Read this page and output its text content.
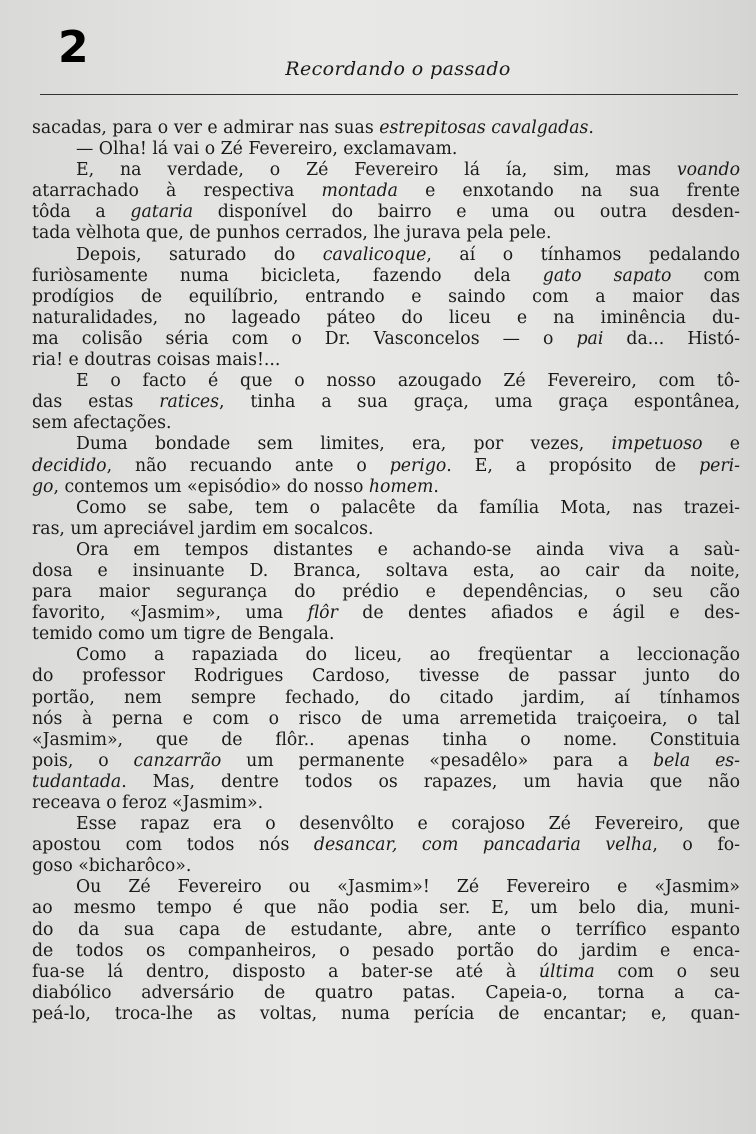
2	Recordando o passado
sacadas, para o ver e admirar nas suas estrepitosas cavalgadas.
— Olha! lá vai o Zé Fevereiro, exclamavam.
E, na verdade, o Zé Fevereiro lá ía, sim, mas voando
atarrachado à respectiva montada e enxotando na sua frente
tôda a gataria disponível do bairro e uma ou outra desden-
tada vèlhota que, de punhos cerrados, lhe jurava pela pele.
Depois, saturado do cavalicoque, aí o tínhamos pedalando
furiòsamente numa bicicleta, fazendo dela gato sapato com
prodígios de equilíbrio, entrando e saindo com a maior das
naturalidades, no lageado páteo do liceu e na iminência du-
ma colisão séria com o Dr. Vasconcelos — o pai da... Histó-
ria! e doutras coisas mais!...
E o facto é que o nosso azougado Zé Fevereiro, com tô-
das estas ratices, tinha a sua graça, uma graça espontânea,
sem afectações.
Duma bondade sem limites, era, por vezes, impetuoso e
decidido, não recuando ante o perigo. E, a propósito de peri-
go, contemos um «episódio» do nosso homem.
Como se sabe, tem o palacête da família Mota, nas trazei-
ras, um apreciável jardim em socalcos.
Ora em tempos distantes e achando-se ainda viva a saù-
dosa e insinuante D. Branca, soltava esta, ao cair da noite,
para maior segurança do prédio e dependências, o seu cão
favorito, «Jasmim», uma flôr de dentes afiados e ágil e des-
temido como um tigre de Bengala.
Como a rapaziada do liceu, ao freqüentar a leccionação
do professor Rodrigues Cardoso, tivesse de passar junto do
portão, nem sempre fechado, do citado jardim, aí tínhamos
nós à perna e com o risco de uma arremetida traiçoeira, o tal
«Jasmim», que de flôr.. apenas tinha o nome. Constituia
pois, o canzarrão um permanente «pesadêlo» para a bela es-
tudantada. Mas, dentre todos os rapazes, um havia que não
receava o feroz «Jasmim».
Esse rapaz era o desenvôlto e corajoso Zé Fevereiro, que
apostou com todos nós desancar, com pancadaria velha, o fo-
goso «bicharôco».
Ou Zé Fevereiro ou «Jasmim»! Zé Fevereiro e «Jasmim»
ao mesmo tempo é que não podia ser. E, um belo dia, muni-
do da sua capa de estudante, abre, ante o terrífico espanto
de todos os companheiros, o pesado portão do jardim e enca-
fua-se lá dentro, disposto a bater-se até à última com o seu
diabólico adversário de quatro patas. Capeia-o, torna a ca-
peá-lo, troca-lhe as voltas, numa perícia de encantar; e, quan-
